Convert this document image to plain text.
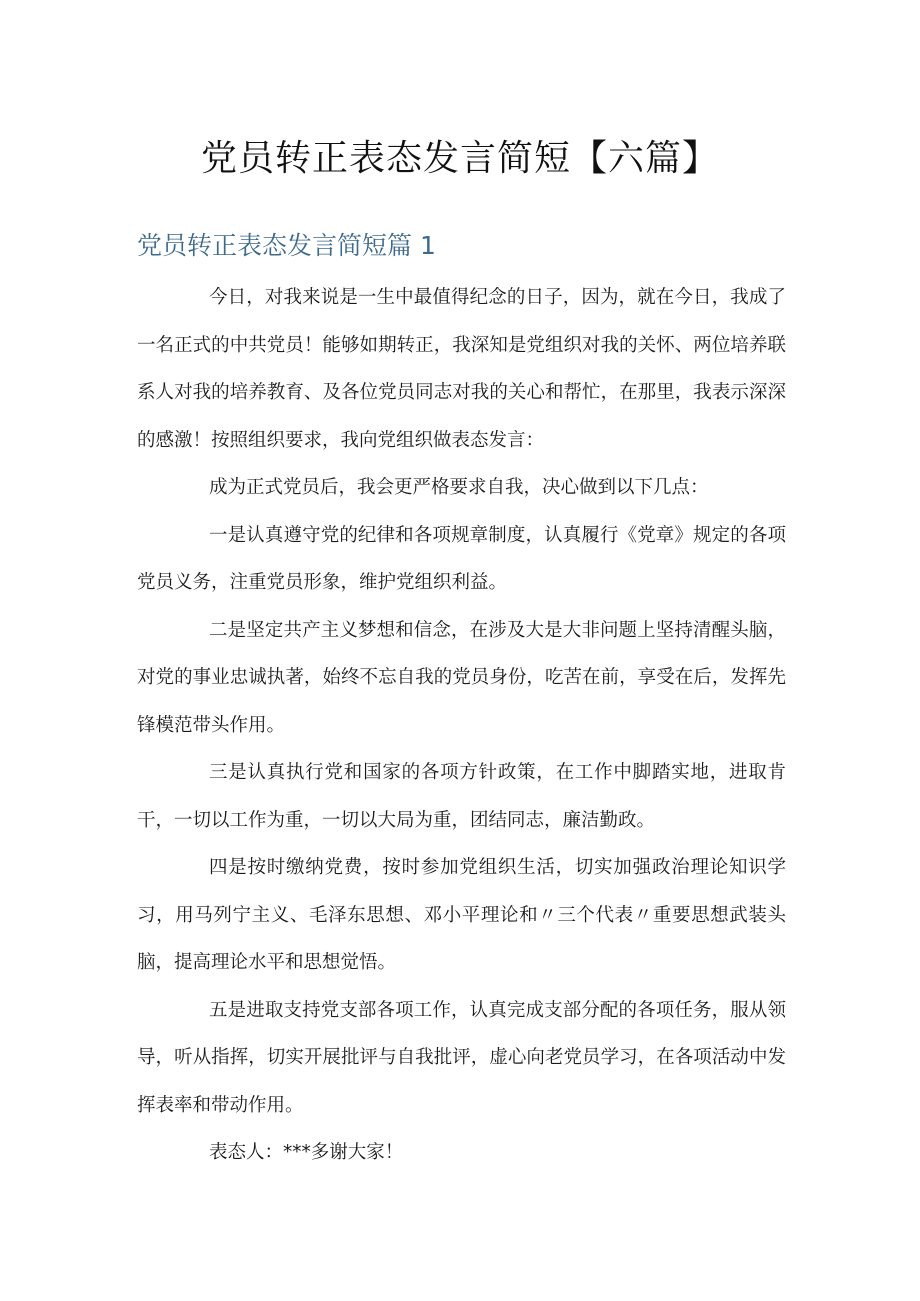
党员转正表态发言简短【六篇】
党员转正表态发言简短篇 1

今日，对我来说是一生中最值得纪念的日子，因为，就在今日，我成了一名正式的中共党员！能够如期转正，我深知是党组织对我的关怀、两位培养联系人对我的培养教育、及各位党员同志对我的关心和帮忙，在那里，我表示深深的感激！按照组织要求，我向党组织做表态发言：

成为正式党员后，我会更严格要求自我，决心做到以下几点：

一是认真遵守党的纪律和各项规章制度，认真履行《党章》规定的各项党员义务，注重党员形象，维护党组织利益。

二是坚定共产主义梦想和信念，在涉及大是大非问题上坚持清醒头脑，对党的事业忠诚执著，始终不忘自我的党员身份，吃苦在前，享受在后，发挥先锋模范带头作用。

三是认真执行党和国家的各项方针政策，在工作中脚踏实地，进取肯干，一切以工作为重，一切以大局为重，团结同志，廉洁勤政。

四是按时缴纳党费，按时参加党组织生活，切实加强政治理论知识学习，用马列宁主义、毛泽东思想、邓小平理论和〃三个代表〃重要思想武装头脑，提高理论水平和思想觉悟。

五是进取支持党支部各项工作，认真完成支部分配的各项任务，服从领导，听从指挥，切实开展批评与自我批评，虚心向老党员学习，在各项活动中发挥表率和带动作用。

表态人：***多谢大家！
